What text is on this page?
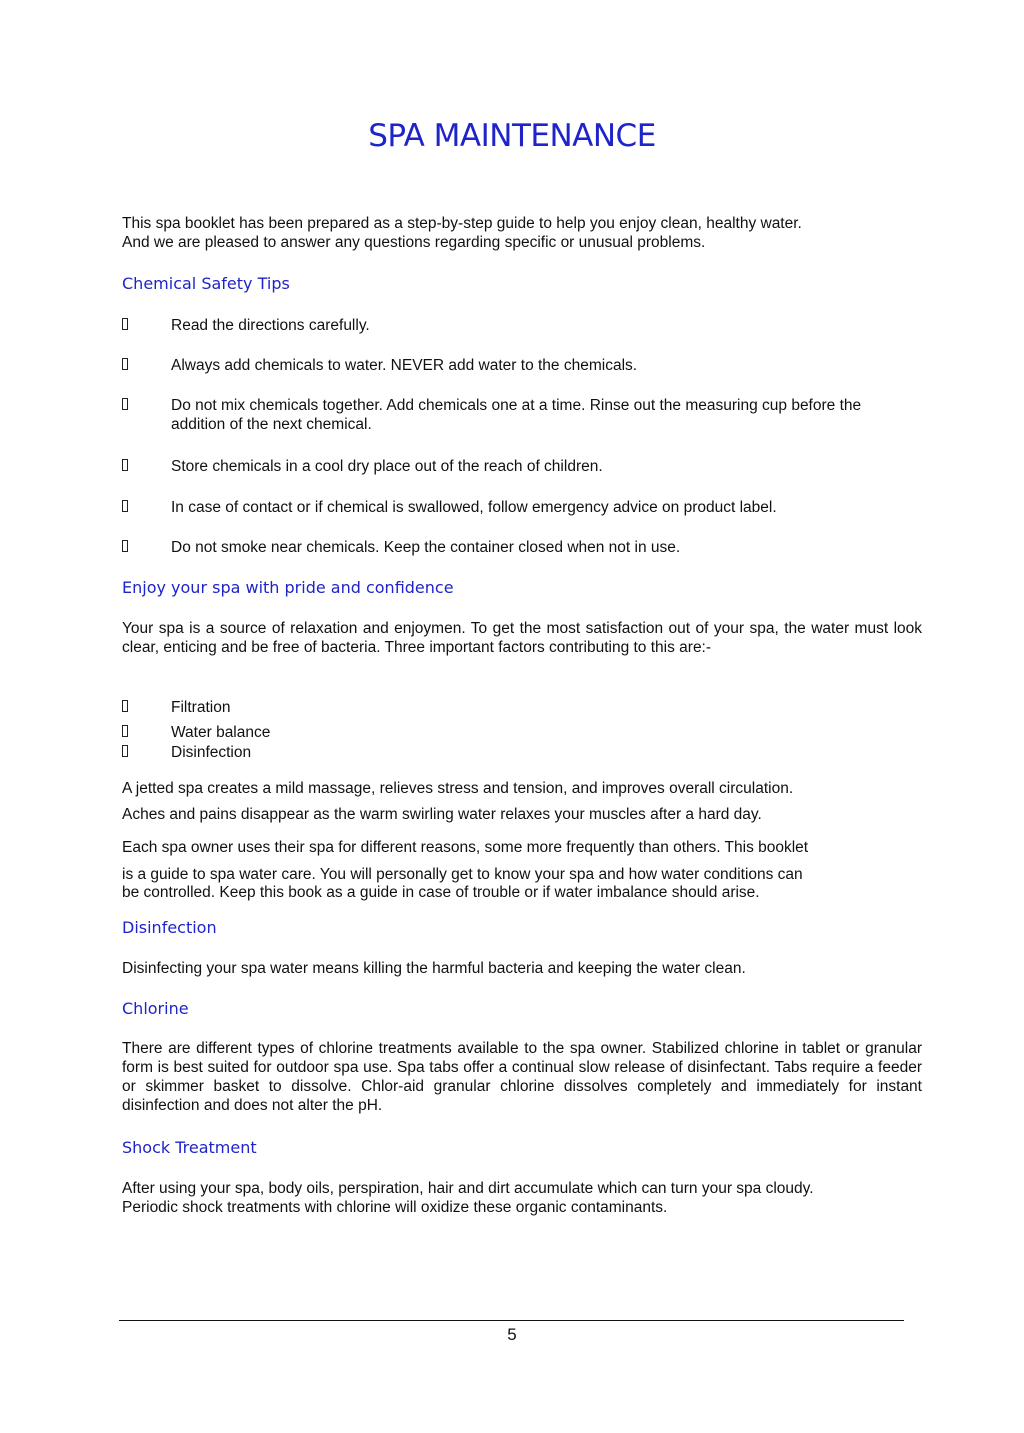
SPA MAINTENANCE

This spa booklet has been prepared as a step-by-step guide to help you enjoy clean, healthy water.

And we are pleased to answer any questions regarding specific or unusual problems.

Chemical Safety Tips
Read the directions carefully.
Always add chemicals to water. NEVER add water to the chemicals.
Do not mix chemicals together. Add chemicals one at a time. Rinse out the measuring cup before the addition of the next chemical.
Store chemicals in a cool dry place out of the reach of children.
In case of contact or if chemical is swallowed, follow emergency advice on product label.
Do not smoke near chemicals. Keep the container closed when not in use.
Enjoy your spa with pride and confidence

Your spa is a source of relaxation and enjoymen. To get the most satisfaction out of your spa, the water must look clear, enticing and be free of bacteria. Three important factors contributing to this are:-

Filtration
Water balance
Disinfection

A jetted spa creates a mild massage, relieves stress and tension, and improves overall circulation.

Aches and pains disappear as the warm swirling water relaxes your muscles after a hard day.

Each spa owner uses their spa for different reasons, some more frequently than others. This booklet

is a guide to spa water care. You will personally get to know your spa and how water conditions can

be controlled. Keep this book as a guide in case of trouble or if water imbalance should arise.

Disinfection

Disinfecting your spa water means killing the harmful bacteria and keeping the water clean.

Chlorine

There are different types of chlorine treatments available to the spa owner. Stabilized chlorine in tablet or granular form is best suited for outdoor spa use. Spa tabs offer a continual slow release of disinfectant. Tabs require a feeder or skimmer basket to dissolve. Chlor-aid granular chlorine dissolves completely and immediately for instant disinfection and does not alter the pH.

Shock Treatment

After using your spa, body oils, perspiration, hair and dirt accumulate which can turn your spa cloudy.

Periodic shock treatments with chlorine will oxidize these organic contaminants.

5
